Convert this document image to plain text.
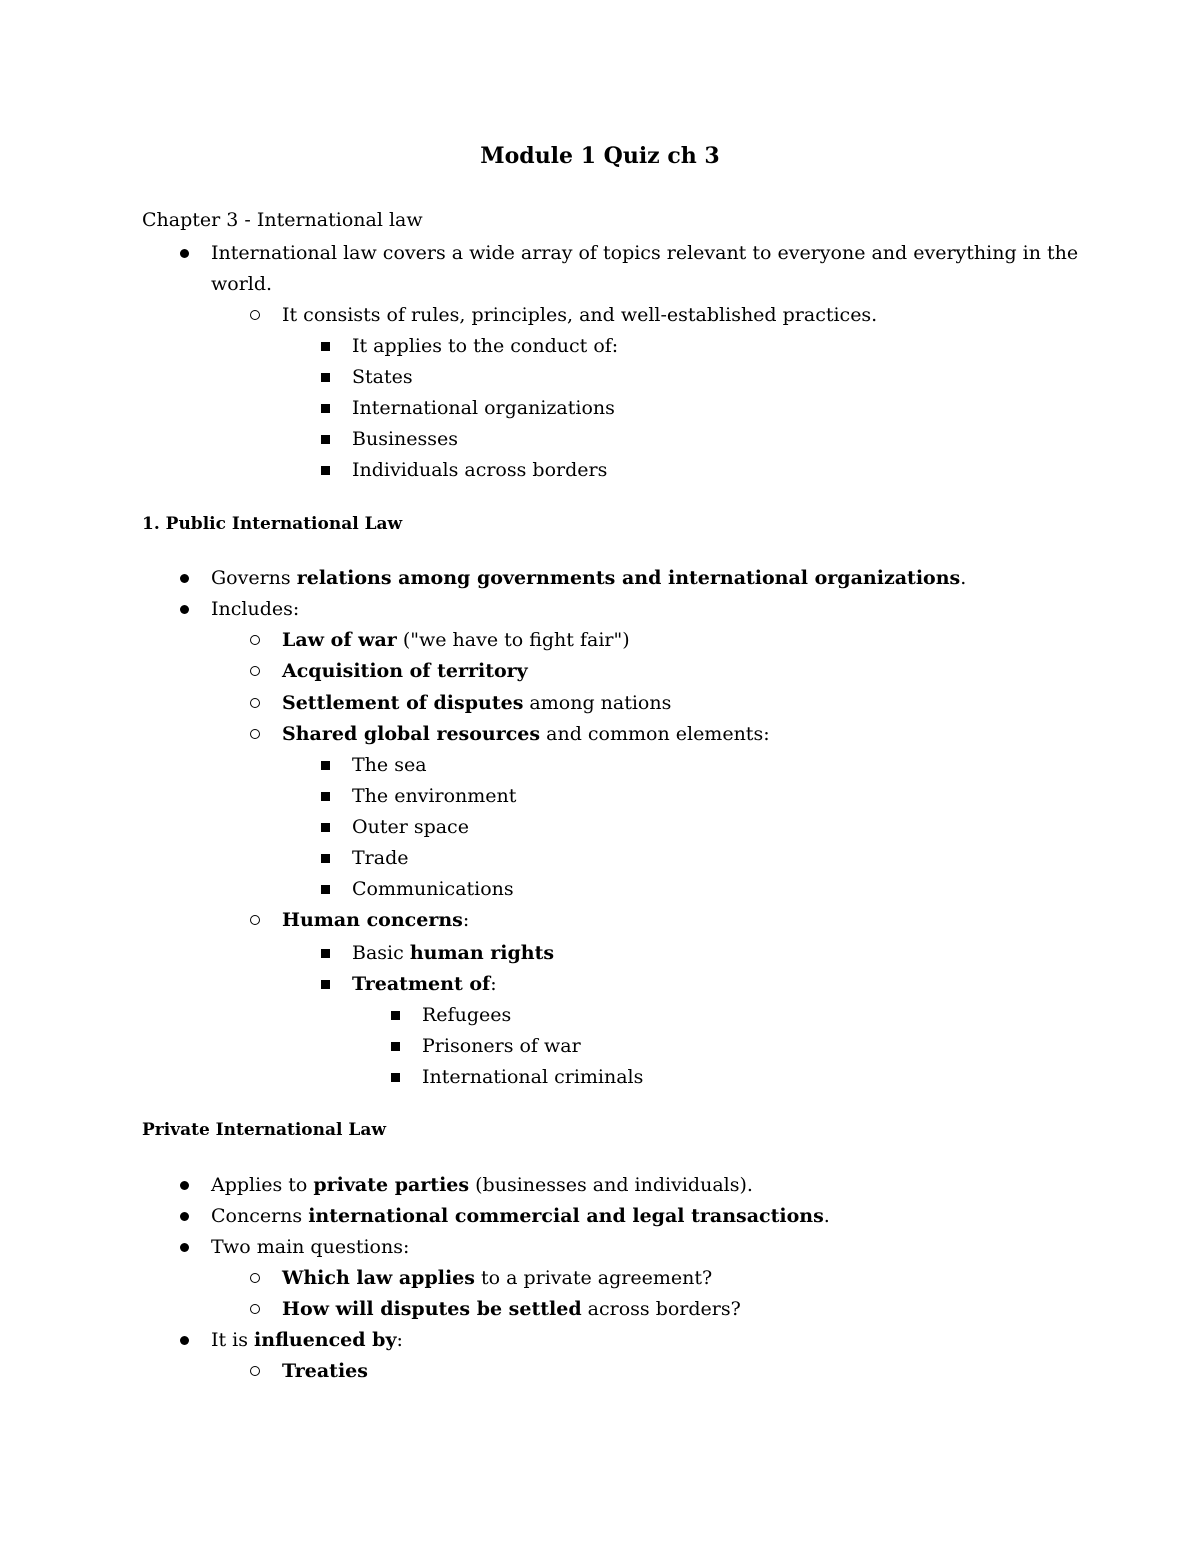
Module 1 Quiz ch 3
Chapter 3 - International law
International law covers a wide array of topics relevant to everyone and everything in the
world.
It consists of rules, principles, and well-established practices.
It applies to the conduct of:
States
International organizations
Businesses
Individuals across borders
1. Public International Law
Governs relations among governments and international organizations.
Includes:
Law of war ("we have to fight fair")
Acquisition of territory
Settlement of disputes among nations
Shared global resources and common elements:
The sea
The environment
Outer space
Trade
Communications
Human concerns:
Basic human rights
Treatment of:
Refugees
Prisoners of war
International criminals
Private International Law
Applies to private parties (businesses and individuals).
Concerns international commercial and legal transactions.
Two main questions:
Which law applies to a private agreement?
How will disputes be settled across borders?
It is influenced by:
Treaties
